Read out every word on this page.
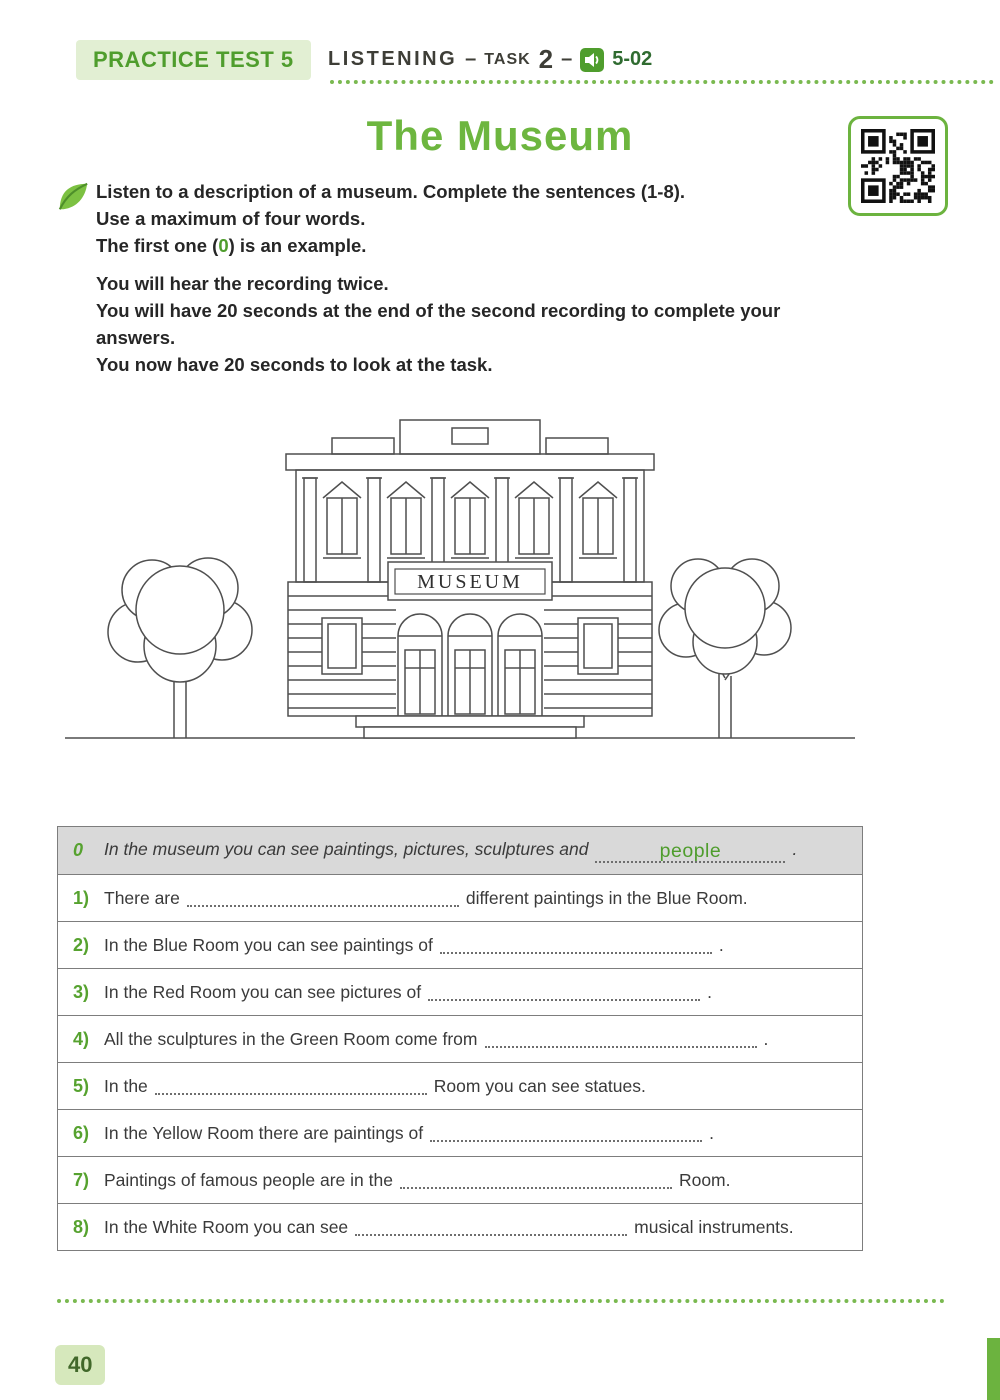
PRACTICE TEST 5	LISTENING – TASK 2 – 5-02
The Museum
Listen to a description of a museum. Complete the sentences (1-8).
Use a maximum of four words.
The first one (0) is an example.
You will hear the recording twice.
You will have 20 seconds at the end of the second recording to complete your answers.
You now have 20 seconds to look at the task.
MUSEUM
0	In the museum you can see paintings, pictures, sculptures and	people	.
1) There are	different paintings in the Blue Room.
2) In the Blue Room you can see paintings of	.
3) In the Red Room you can see pictures of	.
4) All the sculptures in the Green Room come from	.
5) In the	Room you can see statues.
6) In the Yellow Room there are paintings of	.
7) Paintings of famous people are in the	Room.
8) In the White Room you can see	musical instruments.
40
